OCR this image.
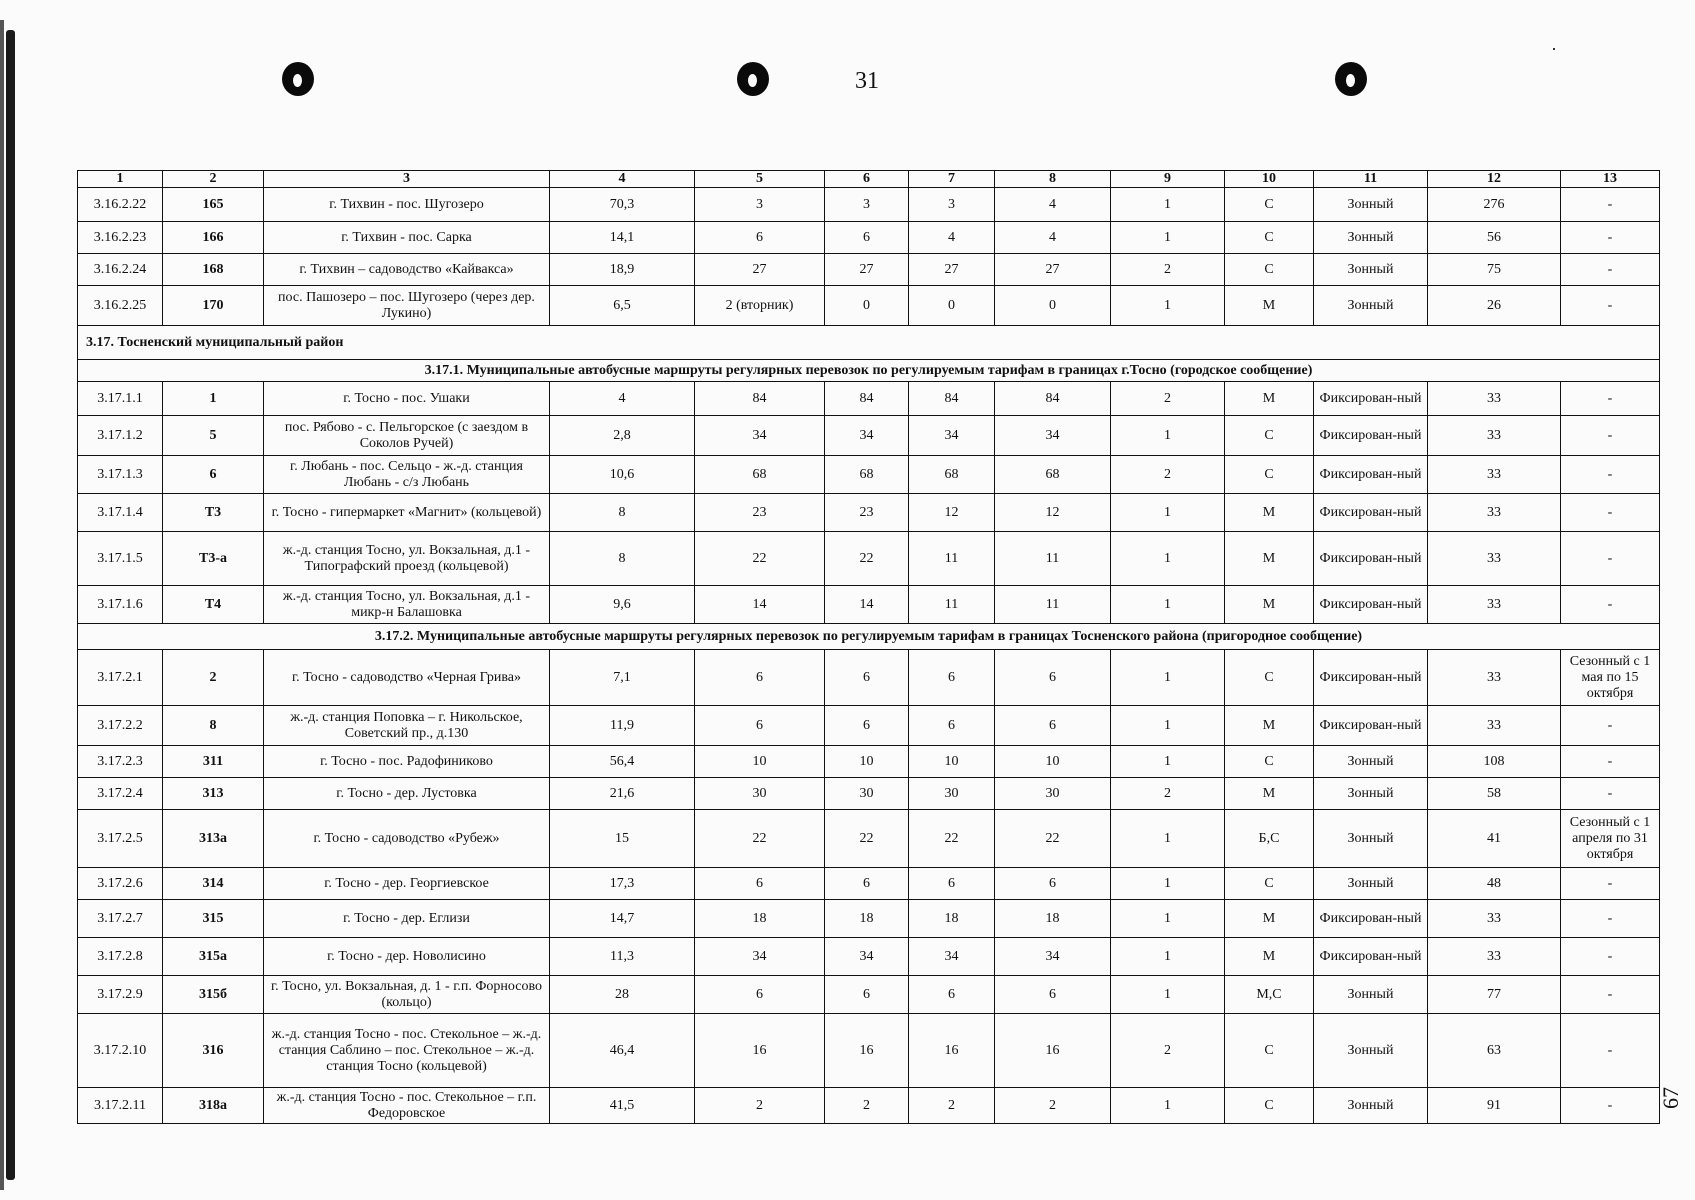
31
67
1	2	3	4	5	6	7	8	9	10	11	12	13
3.16.2.22	165	г. Тихвин - пос. Шугозеро	70,3	3	3	3	4	1	С	Зонный	276	-
3.16.2.23	166	г. Тихвин - пос. Сарка	14,1	6	6	4	4	1	С	Зонный	56	-
3.16.2.24	168	г. Тихвин – садоводство «Кайвакса»	18,9	27	27	27	27	2	С	Зонный	75	-
3.16.2.25	170	пос. Пашозеро – пос. Шугозеро (через дер. Лукино)	6,5	2 (вторник)	0	0	0	1	М	Зонный	26	-
3.17. Тосненский муниципальный район												
3.17.1. Муниципальные автобусные маршруты регулярных перевозок по регулируемым тарифам в границах г.Тосно (городское сообщение)												
3.17.1.1	1	г. Тосно - пос. Ушаки	4	84	84	84	84	2	М	Фиксирован-ный	33	-
3.17.1.2	5	пос. Рябово - с. Пельгорское (с заездом в Соколов Ручей)	2,8	34	34	34	34	1	С	Фиксирован-ный	33	-
3.17.1.3	6	г. Любань - пос. Сельцо - ж.-д. станция Любань - с/з Любань	10,6	68	68	68	68	2	С	Фиксирован-ный	33	-
3.17.1.4	Т3	г. Тосно - гипермаркет «Магнит» (кольцевой)	8	23	23	12	12	1	М	Фиксирован-ный	33	-
3.17.1.5	Т3-а	ж.-д. станция Тосно, ул. Вокзальная, д.1 - Типографский проезд (кольцевой)	8	22	22	11	11	1	М	Фиксирован-ный	33	-
3.17.1.6	Т4	ж.-д. станция Тосно, ул. Вокзальная, д.1 - микр-н Балашовка	9,6	14	14	11	11	1	М	Фиксирован-ный	33	-
3.17.2. Муниципальные автобусные маршруты регулярных перевозок по регулируемым тарифам в границах Тосненского района (пригородное сообщение)												
3.17.2.1	2	г. Тосно - садоводство «Черная Грива»	7,1	6	6	6	6	1	С	Фиксирован-ный	33	Сезонный с 1 мая по 15 октября
3.17.2.2	8	ж.-д. станция Поповка – г. Никольское, Советский пр., д.130	11,9	6	6	6	6	1	М	Фиксирован-ный	33	-
3.17.2.3	311	г. Тосно - пос. Радофиниково	56,4	10	10	10	10	1	С	Зонный	108	-
3.17.2.4	313	г. Тосно - дер. Лустовка	21,6	30	30	30	30	2	М	Зонный	58	-
3.17.2.5	313а	г. Тосно - садоводство «Рубеж»	15	22	22	22	22	1	Б,С	Зонный	41	Сезонный с 1 апреля по 31 октября
3.17.2.6	314	г. Тосно - дер. Георгиевское	17,3	6	6	6	6	1	С	Зонный	48	-
3.17.2.7	315	г. Тосно - дер. Еглизи	14,7	18	18	18	18	1	М	Фиксирован-ный	33	-
3.17.2.8	315а	г. Тосно - дер. Новолисино	11,3	34	34	34	34	1	М	Фиксирован-ный	33	-
3.17.2.9	315б	г. Тосно, ул. Вокзальная, д. 1 - г.п. Форносово (кольцо)	28	6	6	6	6	1	М,С	Зонный	77	-
3.17.2.10	316	ж.-д. станция Тосно - пос. Стекольное – ж.-д. станция Саблино – пос. Стекольное – ж.-д. станция Тосно (кольцевой)	46,4	16	16	16	16	2	С	Зонный	63	-
3.17.2.11	318а	ж.-д. станция Тосно - пос. Стекольное – г.п. Федоровское	41,5	2	2	2	2	1	С	Зонный	91	-
